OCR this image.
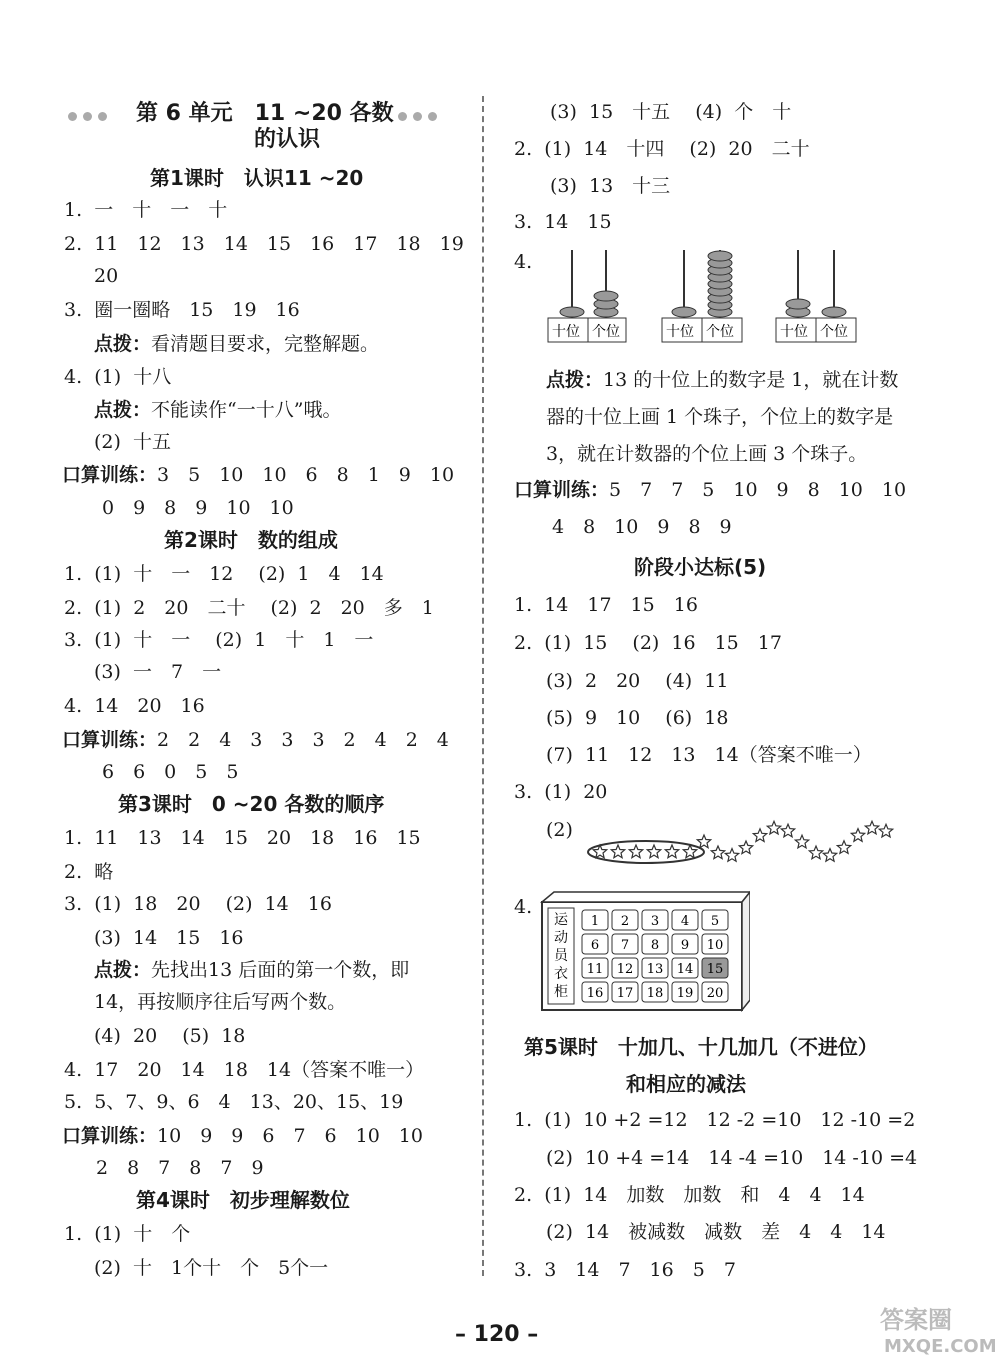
第 6 单元　11 ~20 各数
的认识
第1课时　认识11 ~20
1.  一　十　一　十
2.  11　12　13　14　15　16　17　18　19
20
3.  圈一圈略　15　19　16
点拨：看清题目要求，完整解题。
4.  (1)  十八
点拨：不能读作“一十八”哦。
(2)  十五
口算训练：3　5　10　10　6　8　1　9　10
0　9　8　9　10　10
第2课时　数的组成
1.  (1)  十　一　12　 (2)  1　4　14
2.  (1)  2　20　二十　 (2)  2　20　多　1
3.  (1)  十　一　 (2)  1　十　1　一
(3)  一　7　一
4.  14　20　16
口算训练：2　2　4　3　3　3　2　4　2　4
6　6　0　5　5
第3课时　0 ~20 各数的顺序
1.  11　13　14　15　20　18　16　15
2.  略
3.  (1)  18　20　 (2)  14　16
(3)  14　15　16
点拨：先找出13 后面的第一个数，即
14，再按顺序往后写两个数。
(4)  20　 (5)  18
4.  17　20　14　18　14（答案不唯一）
5.  5、7、9、6　4　13、20、15、19
口算训练：10　9　9　6　7　6　10　10
2　8　7　8　7　9
第4课时　初步理解数位
1.  (1)  十　个
(2)  十　1个十　个　5个一
(3)  15　十五　 (4)  个　十
2.  (1)  14　十四　 (2)  20　二十
(3)  13　十三
3.  14　15
4.
点拨：13 的十位上的数字是 1，就在计数
器的十位上画 1 个珠子，个位上的数字是
3，就在计数器的个位上画 3 个珠子。
口算训练：5　7　7　5　10　9　8　10　10
4　8　10　9　8　9
阶段小达标(5)
1.  14　17　15　16
2.  (1)  15　 (2)  16　15　17
(3)  2　20　 (4)  11
(5)  9　10　 (6)  18
(7)  11　12　13　14（答案不唯一）
3.  (1)  20
(2)
4.
第5课时　十加几、十几加几（不进位）
和相应的减法
1.  (1)  10 +2 =12　12 -2 =10　12 -10 =2
(2)  10 +4 =14　14 -4 =10　14 -10 =4
2.  (1)  14　加数　加数　和　4　4　14
(2)  14　被减数　减数　差　4　4　14
3.  3　14　7　16　5　7
十位 个位	十位 个位	十位 个位
运动员衣柜
1 2 3 4 5
6 7 8 9 10
11 12 13 14 15
16 17 18 19 20
– 120 –
答案圈
MXQE.COM
